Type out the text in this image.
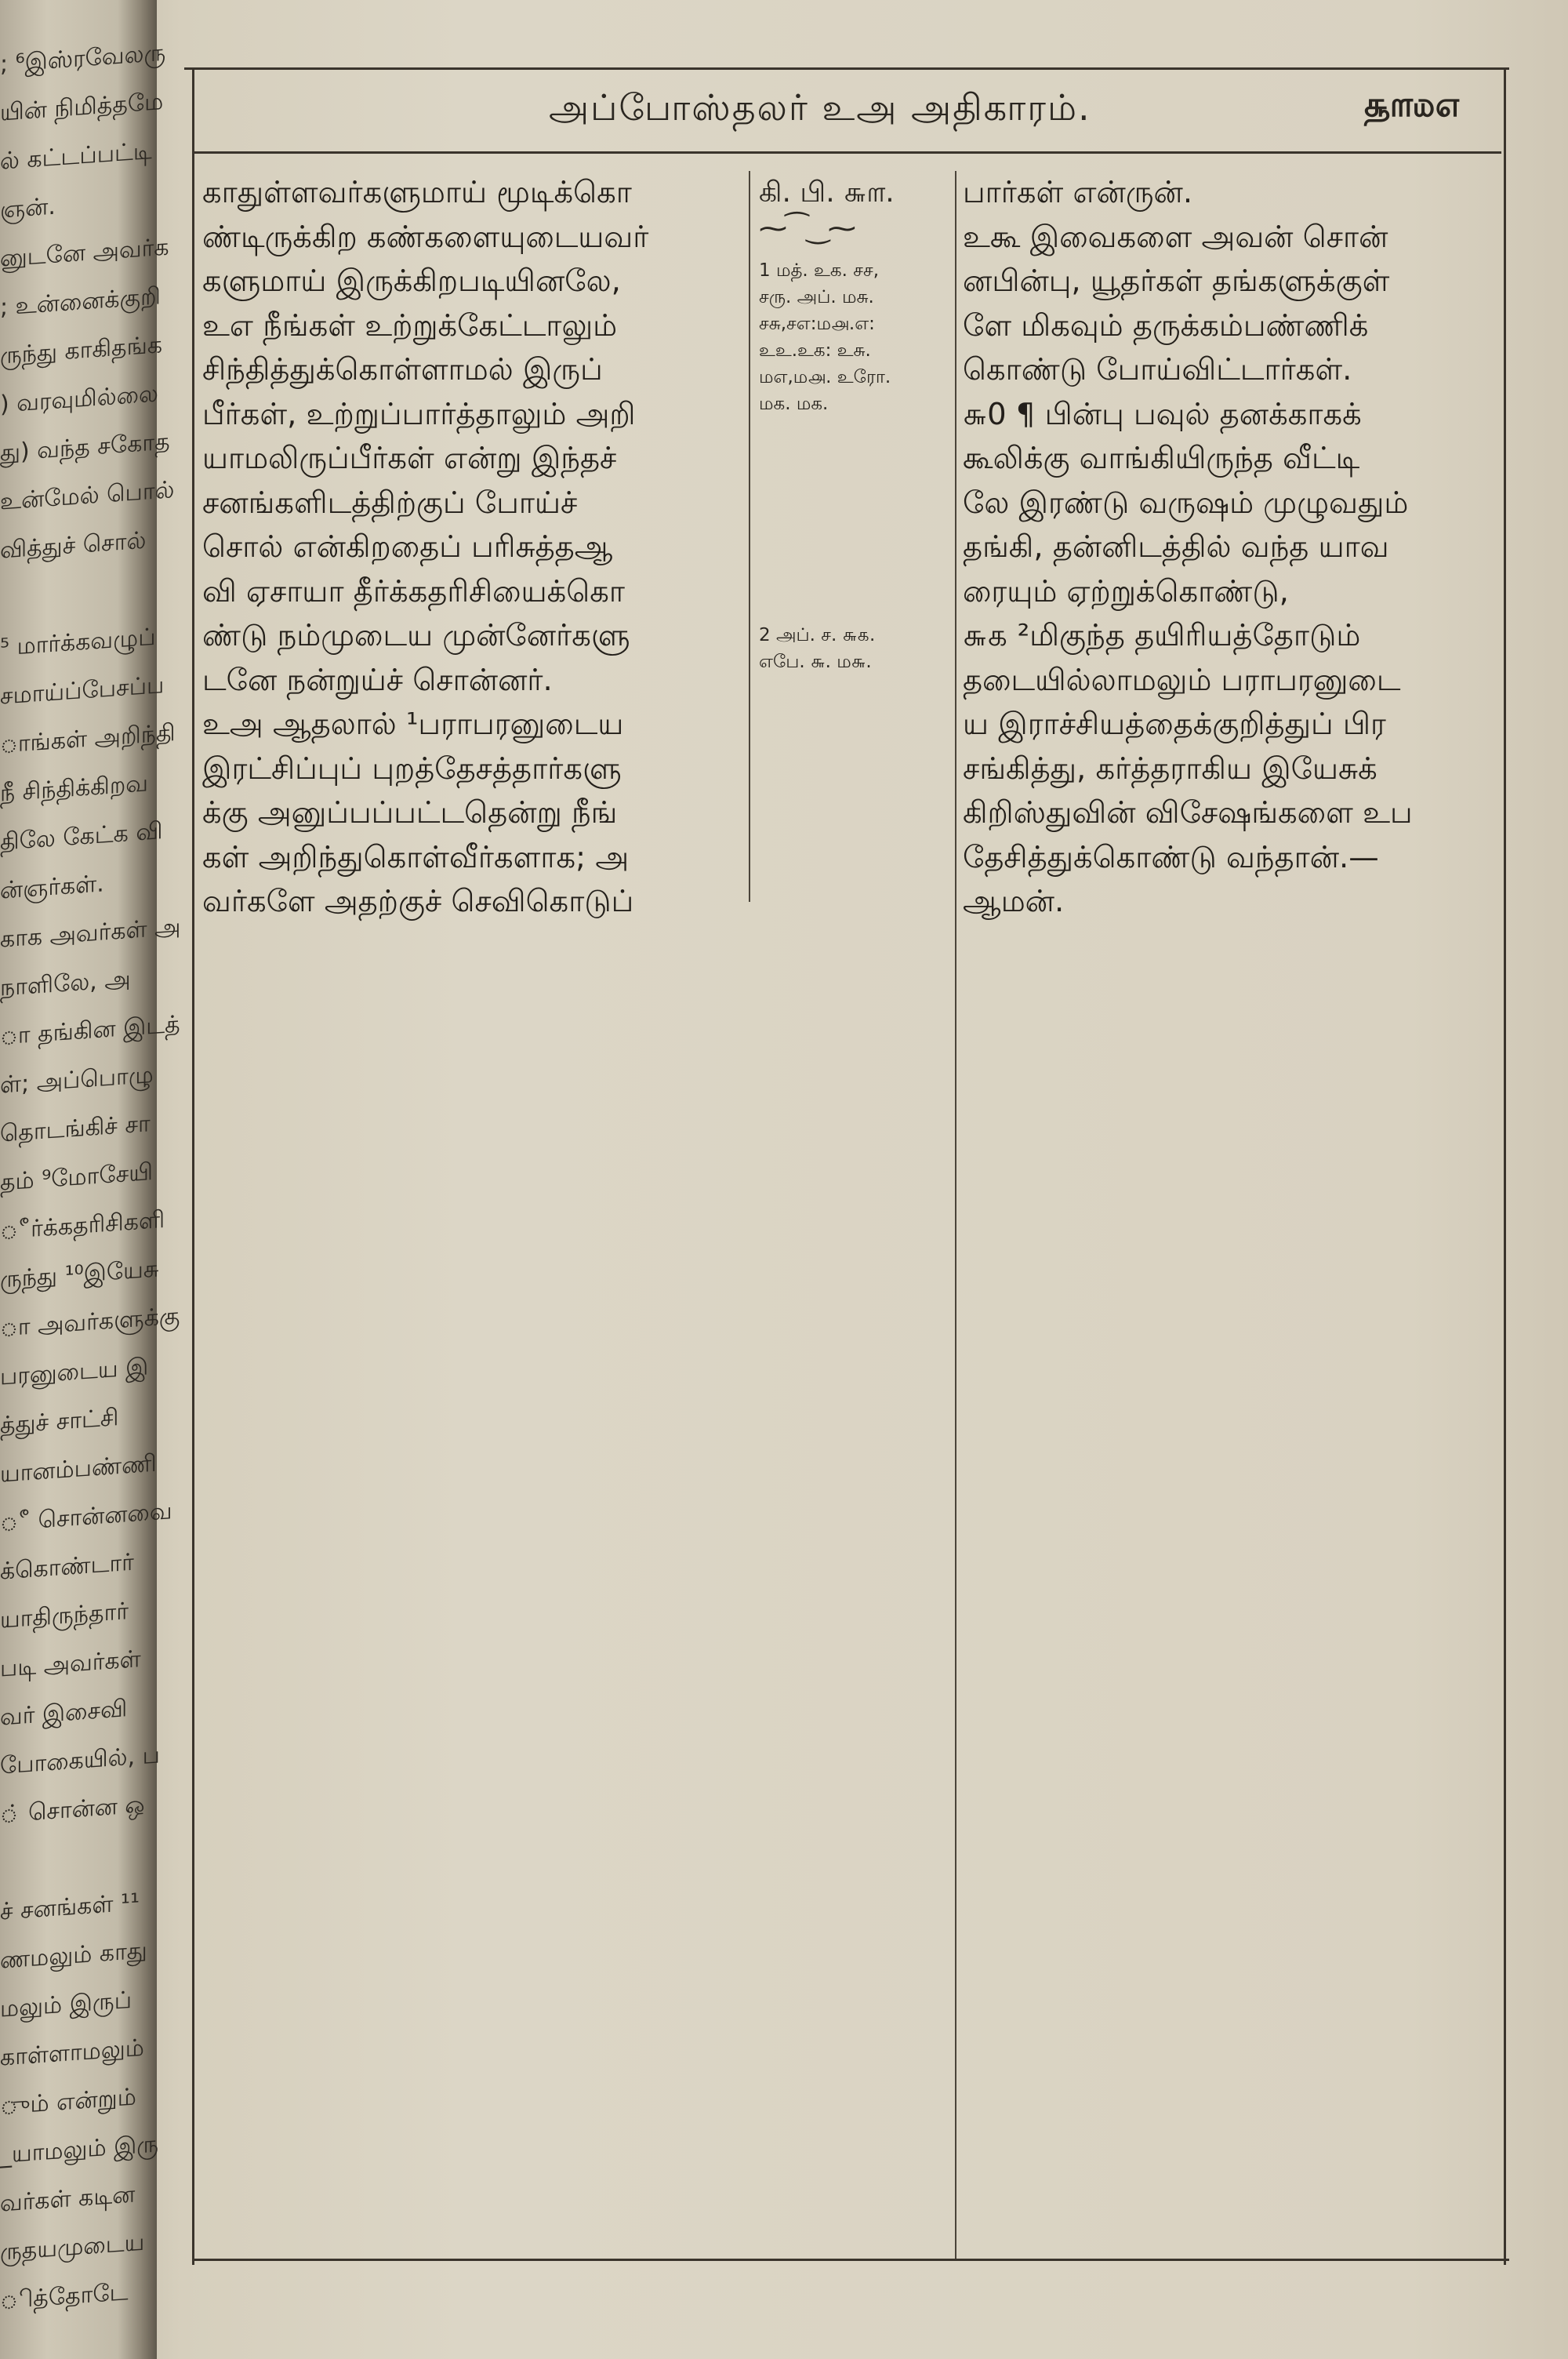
; ⁶இஸ்ரவேலரு
யின் நிமித்தமே
ல் கட்டப்பட்டி
ஞன்.
னுடனே அவர்க
; உன்னைக்குறி
ருந்து காகிதங்க
) வரவுமில்லை
து) வந்த சகோத
உன்மேல் பொல்
வித்துச் சொல்
⁵ மார்க்கவழுப்
சமாய்ப்பேசப்ப
ாங்கள் அறிந்தி
நீ சிந்திக்கிறவ
திலே கேட்க வி
ன்ஞர்கள்.
காக அவர்கள் அ
நாளிலே, அ
ா தங்கின இடத்
ள்; அப்பொழு
தொடங்கிச் சா
தம் ⁹மோசேயி
ீர்க்கதரிசிகளி
ருந்து ¹⁰இயேசு
ா அவர்களுக்கு
பரனுடைய இ
த்துச் சாட்சி
யானம்பண்ணி
ீ சொன்னவை
க்கொண்டார்
யாதிருந்தார்
படி அவர்கள்
வர் இசைவி
போகையில், ப
் சொன்ன ஒ
ச் சனங்கள் ¹¹
ணமலும் காது
மலும் இருப்
காள்ளாமலும்
ும் என்றும்
_யாமலும் இரு
வர்கள் கடின
ருதயமுடைய
ித்தோடே
அப்போஸ்தலர் உஅ அதிகாரம்.	௲௱௰௭
காதுள்ளவர்களுமாய் மூடிக்கொ
ண்டிருக்கிற கண்களையுடையவர்
களுமாய் இருக்கிறபடியினலே,
உஎ நீங்கள் உற்றுக்கேட்டாலும்
சிந்தித்துக்கொள்ளாமல் இருப்
பீர்கள், உற்றுப்பார்த்தாலும் அறி
யாமலிருப்பீர்கள் என்று இந்தச்
சனங்களிடத்திற்குப் போய்ச்
சொல் என்கிறதைப் பரிசுத்தஆ
வி ஏசாயா தீர்க்கதரிசியைக்கொ
ண்டு நம்முடைய முன்னேர்களு
டனே நன்றுய்ச் சொன்னர்.
உஅ ஆதலால் ¹பராபரனுடைய
இரட்சிப்புப் புறத்தேசத்தார்களு
க்கு அனுப்பப்பட்டதென்று நீங்
கள் அறிந்துகொள்வீர்களாக; அ
வர்களே அதற்குச் செவிகொடுப்
கி. பி. ௬௱.
⁓⁀‿⁓
1 மத். உக. சச,
சரு. அப். மசு.
சசு,சஎ:ம௮.எ:
உஉ.உக: உசு.
மஎ,ம௮. உரோ.
மக. மக.
2 அப். ச. ௬௧.
எபே. ௬. ம௬.
பார்கள் என்ருன்.
உகூ இவைகளை அவன் சொன்
னபின்பு, யூதர்கள் தங்களுக்குள்
ளே மிகவும் தருக்கம்பண்ணிக்
கொண்டு போய்விட்டார்கள்.
௬0 ¶ பின்பு பவுல் தனக்காகக்
கூலிக்கு வாங்கியிருந்த வீட்டி
லே இரண்டு வருஷம் முழுவதும்
தங்கி, தன்னிடத்தில் வந்த யாவ
ரையும் ஏற்றுக்கொண்டு,
௬௧ ²மிகுந்த தயிரியத்தோடும்
தடையில்லாமலும் பராபரனுடை
ய இராச்சியத்தைக்குறித்துப் பிர
சங்கித்து, கர்த்தராகிய இயேசுக்
கிறிஸ்துவின் விசேஷங்களை உப
தேசித்துக்கொண்டு வந்தான்.—
ஆமன்.
